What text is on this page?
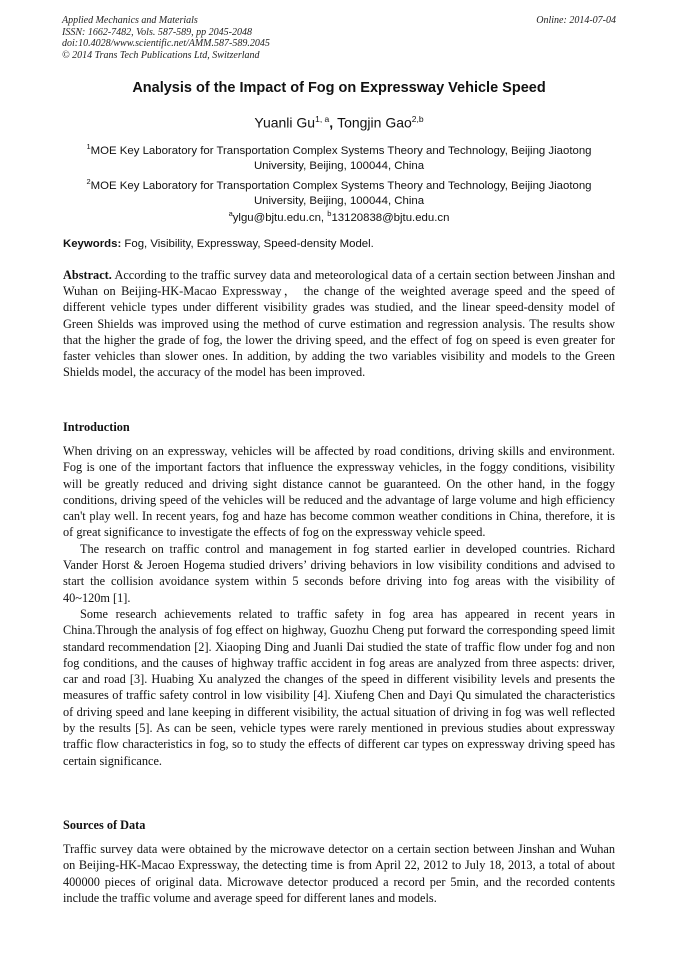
Applied Mechanics and Materials
ISSN: 1662-7482, Vols. 587-589, pp 2045-2048
doi:10.4028/www.scientific.net/AMM.587-589.2045
© 2014 Trans Tech Publications Ltd, Switzerland
Online: 2014-07-04
Analysis of the Impact of Fog on Expressway Vehicle Speed
Yuanli Gu$^{1, a}$, Tongjin Gao$^{2,b}$
$^1$MOE Key Laboratory for Transportation Complex Systems Theory and Technology, Beijing Jiaotong University, Beijing, 100044, China
$^2$MOE Key Laboratory for Transportation Complex Systems Theory and Technology, Beijing Jiaotong University, Beijing, 100044, China
$^a$ylgu@bjtu.edu.cn, $^b$13120838@bjtu.edu.cn
Keywords: Fog, Visibility, Expressway, Speed-density Model.
Abstract. According to the traffic survey data and meteorological data of a certain section between Jinshan and Wuhan on Beijing-HK-Macao Expressway， the change of the weighted average speed and the speed of different vehicle types under different visibility grades was studied, and the linear speed-density model of Green Shields was improved using the method of curve estimation and regression analysis. The results show that the higher the grade of fog, the lower the driving speed, and the effect of fog on speed is even greater for faster vehicles than slower ones. In addition, by adding the two variables visibility and models to the Green Shields model, the accuracy of the model has been improved.
Introduction

When driving on an expressway, vehicles will be affected by road conditions, driving skills and environment. Fog is one of the important factors that influence the expressway vehicles, in the foggy conditions, visibility will be greatly reduced and driving sight distance cannot be guaranteed. On the other hand, in the foggy conditions, driving speed of the vehicles will be reduced and the advantage of large volume and high efficiency can't play well. In recent years, fog and haze has become common weather conditions in China, therefore, it is of great significance to investigate the effects of fog on the expressway vehicle speed.

The research on traffic control and management in fog started earlier in developed countries. Richard Vander Horst & Jeroen Hogema studied drivers’ driving behaviors in low visibility conditions and advised to start the collision avoidance system within 5 seconds before driving into fog areas with the visibility of 40~120m [1].

Some research achievements related to traffic safety in fog area has appeared in recent years in China.Through the analysis of fog effect on highway, Guozhu Cheng put forward the corresponding speed limit standard recommendation [2]. Xiaoping Ding and Juanli Dai studied the state of traffic flow under fog and non fog conditions, and the causes of highway traffic accident in fog areas are analyzed from three aspects: driver, car and road [3]. Huabing Xu analyzed the changes of the speed in different visibility levels and presents the measures of traffic safety control in low visibility [4]. Xiufeng Chen and Dayi Qu simulated the characteristics of driving speed and lane keeping in different visibility, the actual situation of driving in fog was well reflected by the results [5]. As can be seen, vehicle types were rarely mentioned in previous studies about expressway traffic flow characteristics in fog, so to study the effects of different car types on expressway driving speed has certain significance.

Sources of Data

Traffic survey data were obtained by the microwave detector on a certain section between Jinshan and Wuhan on Beijing-HK-Macao Expressway, the detecting time is from April 22, 2012 to July 18, 2013, a total of about 400000 pieces of original data. Microwave detector produced a record per 5min, and the recorded contents include the traffic volume and average speed for different lanes and models.
